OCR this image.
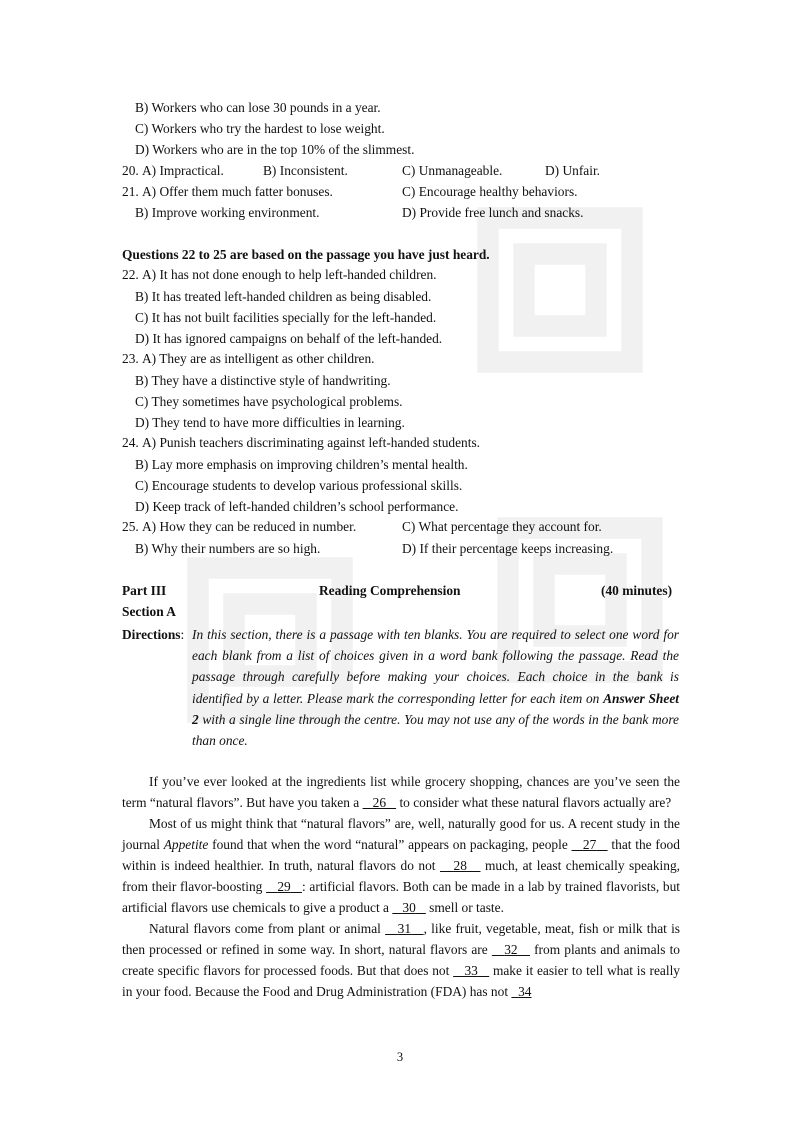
B) Workers who can lose 30 pounds in a year.
C) Workers who try the hardest to lose weight.
D) Workers who are in the top 10% of the slimmest.
20. A) Impractical.	B) Inconsistent.	C) Unmanageable.	D) Unfair.
21. A) Offer them much fatter bonuses.	C) Encourage healthy behaviors.
B) Improve working environment.	D) Provide free lunch and snacks.
Questions 22 to 25 are based on the passage you have just heard.
22. A) It has not done enough to help left-handed children.
B) It has treated left-handed children as being disabled.
C) It has not built facilities specially for the left-handed.
D) It has ignored campaigns on behalf of the left-handed.
23. A) They are as intelligent as other children.
B) They have a distinctive style of handwriting.
C) They sometimes have psychological problems.
D) They tend to have more difficulties in learning.
24. A) Punish teachers discriminating against left-handed students.
B) Lay more emphasis on improving children’s mental health.
C) Encourage students to develop various professional skills.
D) Keep track of left-handed children’s school performance.
25. A) How they can be reduced in number.	C) What percentage they account for.
B) Why their numbers are so high.	D) If their percentage keeps increasing.
Part III	Reading Comprehension	(40 minutes)
Section A
Directions: In this section, there is a passage with ten blanks. You are required to select one word for each blank from a list of choices given in a word bank following the passage. Read the passage through carefully before making your choices. Each choice in the bank is identified by a letter. Please mark the corresponding letter for each item on Answer Sheet 2 with a single line through the centre. You may not use any of the words in the bank more than once.

If you’ve ever looked at the ingredients list while grocery shopping, chances are you’ve seen the term “natural flavors”. But have you taken a 26 to consider what these natural flavors actually are?

Most of us might think that “natural flavors” are, well, naturally good for us. A recent study in the journal Appetite found that when the word “natural” appears on packaging, people 27 that the food within is indeed healthier. In truth, natural flavors do not 28 much, at least chemically speaking, from their flavor-boosting 29 : artificial flavors. Both can be made in a lab by trained flavorists, but artificial flavors use chemicals to give a product a 30 smell or taste.

Natural flavors come from plant or animal 31 , like fruit, vegetable, meat, fish or milk that is then processed or refined in some way. In short, natural flavors are 32 from plants and animals to create specific flavors for processed foods. But that does not 33 make it easier to tell what is really in your food. Because the Food and Drug Administration (FDA) has not 34

3
